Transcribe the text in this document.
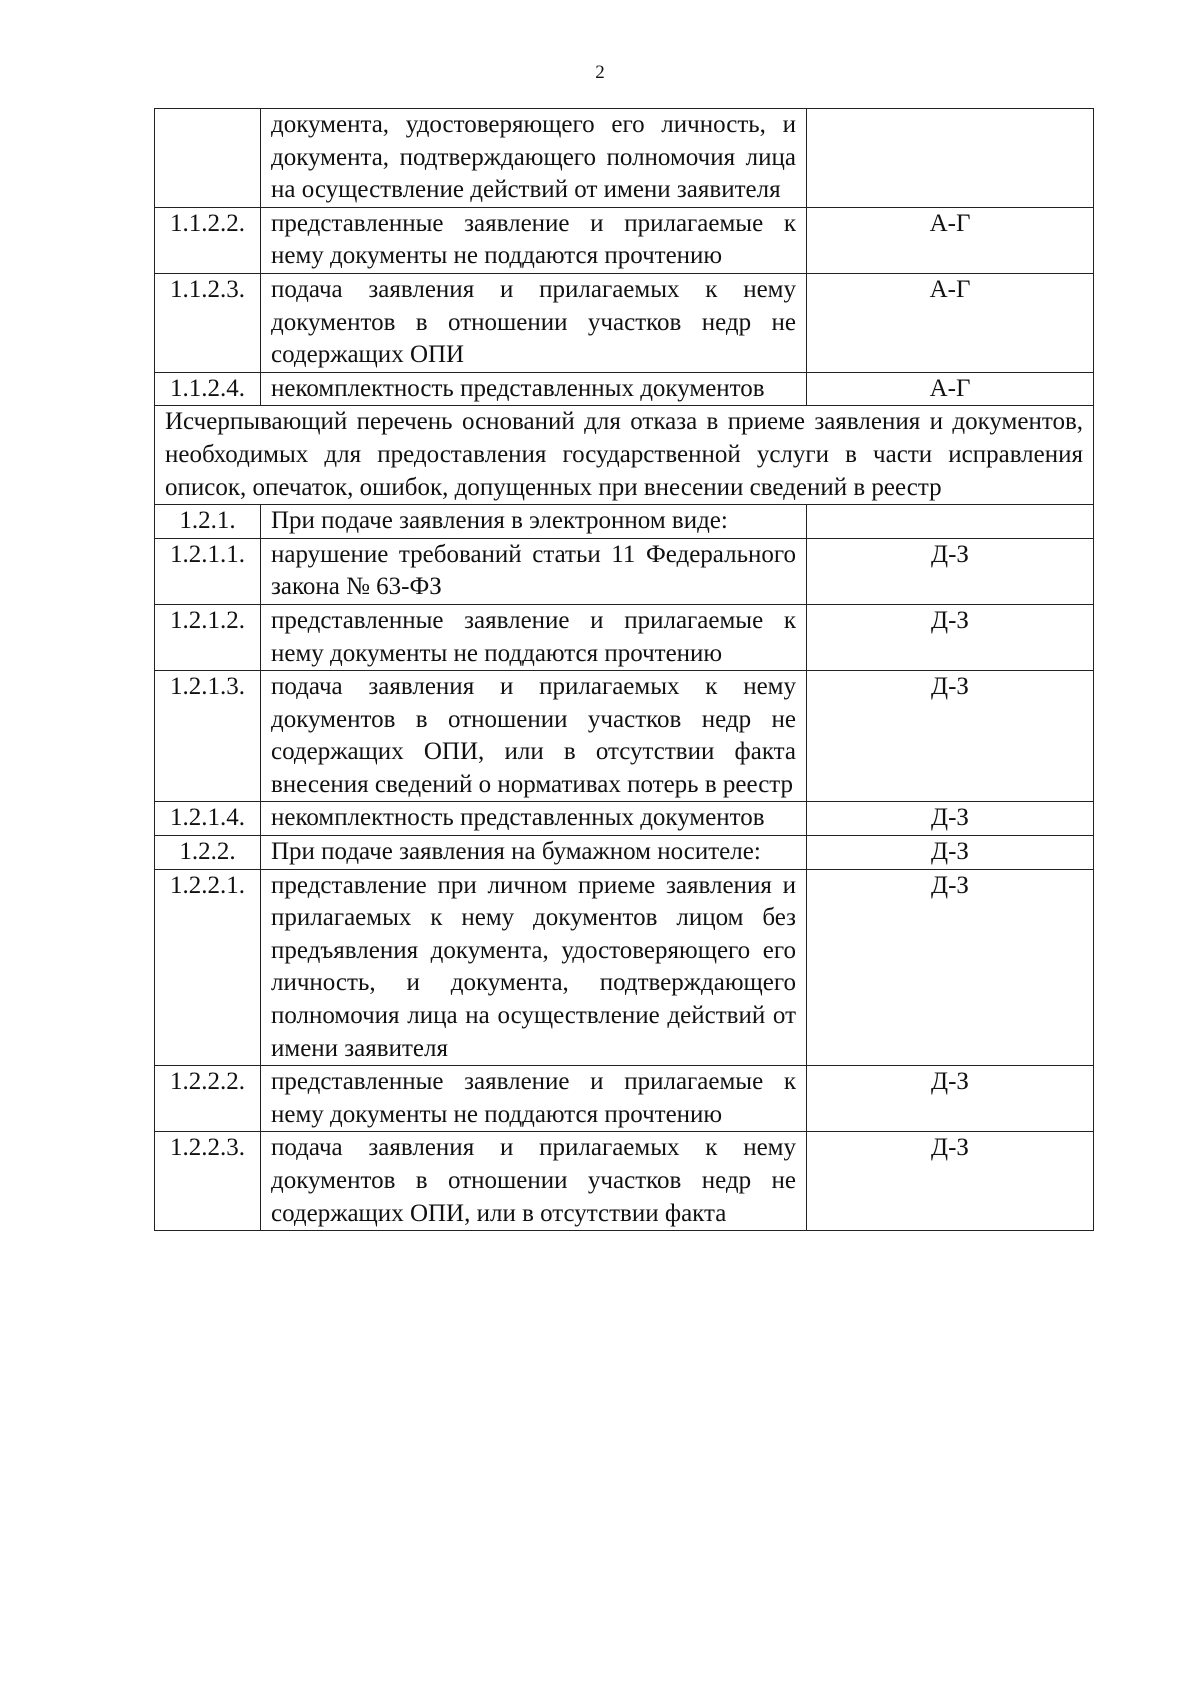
2
	документа, удостоверяющего его личность, и документа, подтверждающего полномочия лица на осуществление действий от имени заявителя	
1.1.2.2.	представленные заявление и прилагаемые к нему документы не поддаются прочтению	А-Г
1.1.2.3.	подача заявления и прилагаемых к нему документов в отношении участков недр не содержащих ОПИ	А-Г
1.1.2.4.	некомплектность представленных документов	А-Г
Исчерпывающий перечень оснований для отказа в приеме заявления и документов, необходимых для предоставления государственной услуги в части исправления описок, опечаток, ошибок, допущенных при внесении сведений в реестр		
1.2.1.	При подаче заявления в электронном виде:	
1.2.1.1.	нарушение требований статьи 11 Федерального закона № 63-ФЗ	Д-З
1.2.1.2.	представленные заявление и прилагаемые к нему документы не поддаются прочтению	Д-З
1.2.1.3.	подача заявления и прилагаемых к нему документов в отношении участков недр не содержащих ОПИ, или в отсутствии факта внесения сведений о нормативах потерь в реестр	Д-З
1.2.1.4.	некомплектность представленных документов	Д-З
1.2.2.	При подаче заявления на бумажном носителе:	Д-З
1.2.2.1.	представление при личном приеме заявления и прилагаемых к нему документов лицом без предъявления документа, удостоверяющего его личность, и документа, подтверждающего полномочия лица на осуществление действий от имени заявителя	Д-З
1.2.2.2.	представленные заявление и прилагаемые к нему документы не поддаются прочтению	Д-З
1.2.2.3.	подача заявления и прилагаемых к нему документов в отношении участков недр не содержащих ОПИ, или в отсутствии факта	Д-З
